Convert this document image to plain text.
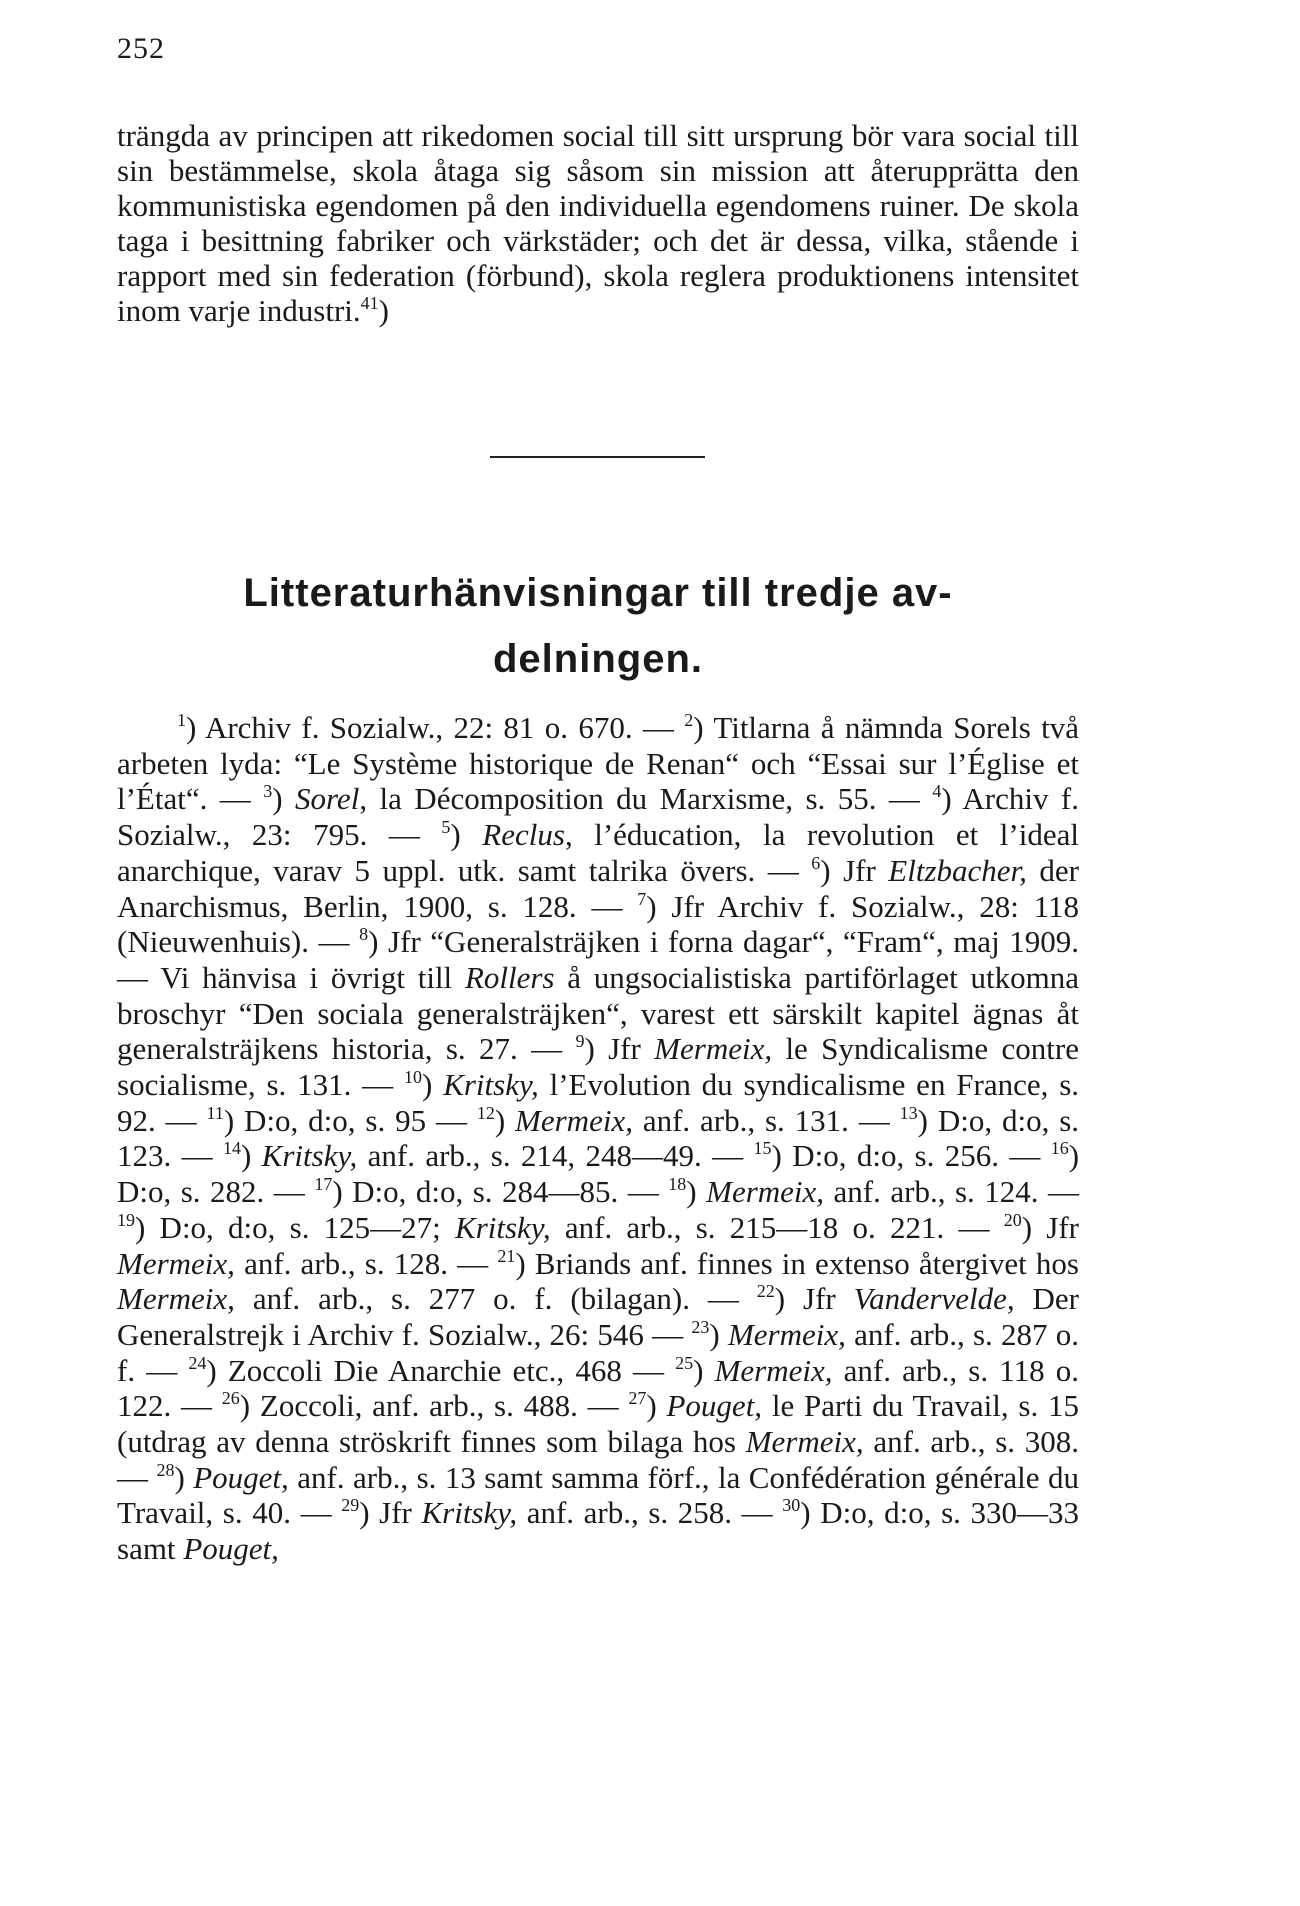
252
trängda av principen att rikedomen social till sitt ursprung bör vara social till sin bestämmelse, skola åtaga sig såsom sin mission att återupprätta den kommunistiska egendomen på den individuella egendomens ruiner. De skola taga i besittning fabriker och värkstäder; och det är dessa, vilka, stående i rapport med sin federation (förbund), skola reglera produktionens intensitet inom varje industri.$^{41}$)
Litteraturhänvisningar till tredje av-
delningen.
$^1$) Archiv f. Sozialw., 22: 81 o. 670. — $^2$) Titlarna å nämnda Sorels två arbeten lyda: “Le Système historique de Renan“ och “Essai sur l’Église et l’État“. — $^3$) Sorel, la Décomposition du Marxisme, s. 55. — $^4$) Archiv f. Sozialw., 23: 795. — $^5$) Reclus, l’éducation, la revolution et l’ideal anarchique, varav 5 uppl. utk. samt talrika övers. — $^6$) Jfr Eltzbacher, der Anarchismus, Berlin, 1900, s. 128. — $^7$) Jfr Archiv f. Sozialw., 28: 118 (Nieuwenhuis). — $^8$) Jfr “Generalsträjken i forna dagar“, “Fram“, maj 1909. — Vi hänvisa i övrigt till Rollers å ungsocialistiska partiförlaget utkomna broschyr “Den sociala generalsträjken“, varest ett särskilt kapitel ägnas åt generalsträjkens historia, s. 27. — $^9$) Jfr Mermeix, le Syndicalisme contre socialisme, s. 131. — $^{10}$) Kritsky, l’Evolution du syndicalisme en France, s. 92. — $^{11}$) D:o, d:o, s. 95 — $^{12}$) Mermeix, anf. arb., s. 131. — $^{13}$) D:o, d:o, s. 123. — $^{14}$) Kritsky, anf. arb., s. 214, 248—49. — $^{15}$) D:o, d:o, s. 256. — $^{16}$) D:o, s. 282. — $^{17}$) D:o, d:o, s. 284—85. — $^{18}$) Mermeix, anf. arb., s. 124. — $^{19}$) D:o, d:o, s. 125—27; Kritsky, anf. arb., s. 215—18 o. 221. — $^{20}$) Jfr Mermeix, anf. arb., s. 128. — $^{21}$) Briands anf. finnes in extenso återgivet hos Mermeix, anf. arb., s. 277 o. f. (bilagan). — $^{22}$) Jfr Vandervelde, Der Generalstrejk i Archiv f. Sozialw., 26: 546 — $^{23}$) Mermeix, anf. arb., s. 287 o. f. — $^{24}$) Zoccoli Die Anarchie etc., 468 — $^{25}$) Mermeix, anf. arb., s. 118 o. 122. — $^{26}$) Zoccoli, anf. arb., s. 488. — $^{27}$) Pouget, le Parti du Travail, s. 15 (utdrag av denna ströskrift finnes som bilaga hos Mermeix, anf. arb., s. 308. — $^{28}$) Pouget, anf. arb., s. 13 samt samma förf., la Confédération générale du Travail, s. 40. — $^{29}$) Jfr Kritsky, anf. arb., s. 258. — $^{30}$) D:o, d:o, s. 330—33 samt Pouget,
